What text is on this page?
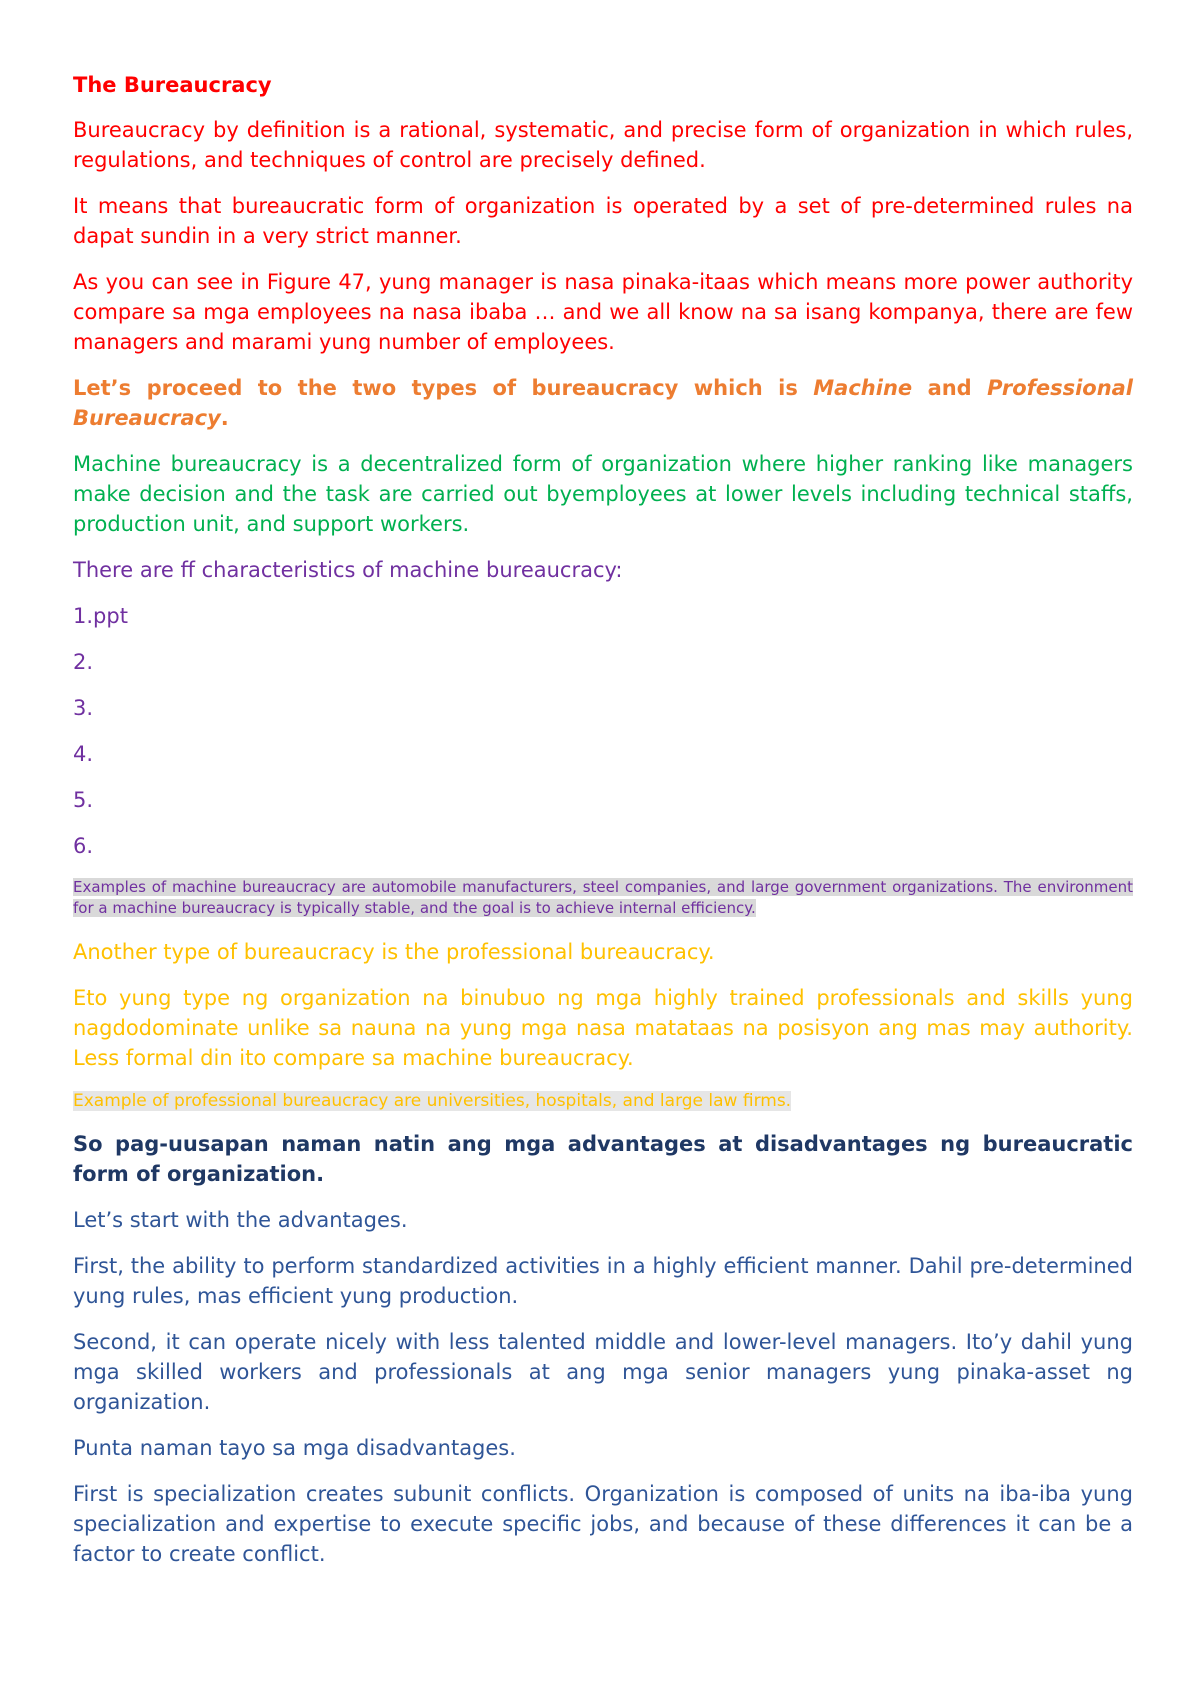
The Bureaucracy

Bureaucracy by definition is a rational, systematic, and precise form of organization in which rules, regulations, and techniques of control are precisely defined.

It means that bureaucratic form of organization is operated by a set of pre-determined rules na dapat sundin in a very strict manner.

As you can see in Figure 47, yung manager is nasa pinaka-itaas which means more power authority compare sa mga employees na nasa ibaba … and we all know na sa isang kompanya, there are few managers and marami yung number of employees.

Let’s proceed to the two types of bureaucracy which is Machine and Professional Bureaucracy.

Machine bureaucracy is a decentralized form of organization where higher ranking like managers make decision and the task are carried out byemployees at lower levels including technical staffs, production unit, and support workers.

There are ff characteristics of machine bureaucracy:

1.ppt

2.

3.

4.

5.

6.

Examples of machine bureaucracy are automobile manufacturers, steel companies, and large government organizations. The environment for a machine bureaucracy is typically stable, and the goal is to achieve internal efficiency.

Another type of bureaucracy is the professional bureaucracy.

Eto yung type ng organization na binubuo ng mga highly trained professionals and skills yung nagdodominate unlike sa nauna na yung mga nasa matataas na posisyon ang mas may authority. Less formal din ito compare sa machine bureaucracy.

Example of professional bureaucracy are universities, hospitals, and large law firms.

So pag-uusapan naman natin ang mga advantages at disadvantages ng bureaucratic form of organization.

Let’s start with the advantages.

First, the ability to perform standardized activities in a highly efficient manner. Dahil pre-determined yung rules, mas efficient yung production.

Second, it can operate nicely with less talented middle and lower-level managers. Ito’y dahil yung mga skilled workers and professionals at ang mga senior managers yung pinaka-asset ng organization.

Punta naman tayo sa mga disadvantages.

First is specialization creates subunit conflicts. Organization is composed of units na iba-iba yung specialization and expertise to execute specific jobs, and because of these differences it can be a factor to create conflict.
